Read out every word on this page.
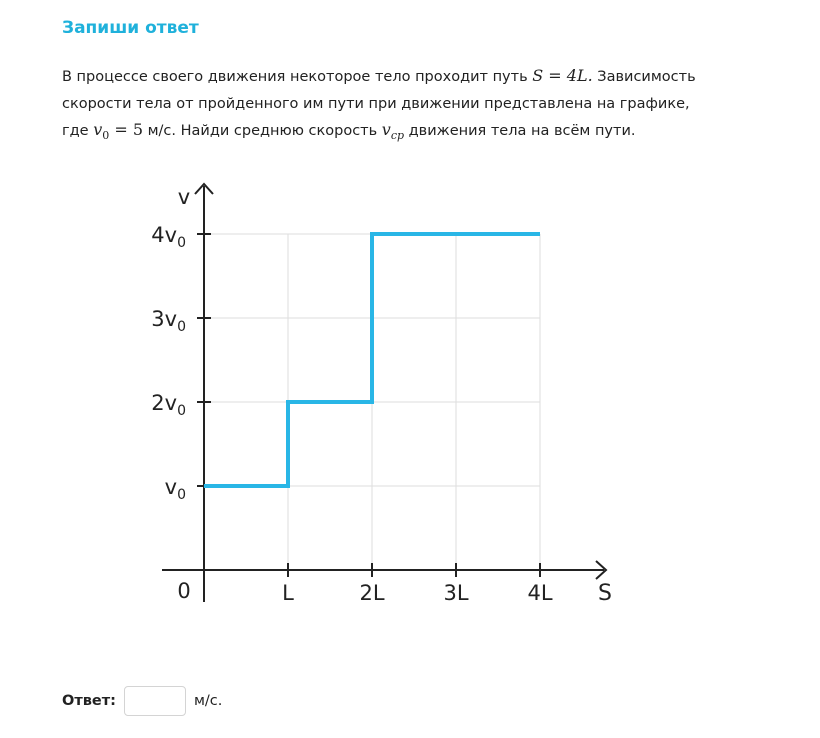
Запиши ответ
В процессе своего движения некоторое тело проходит путь S = 4L. Зависимость
скорости тела от пройденного им пути при движении представлена на графике,
где $v_0 = 5$ м/с. Найди среднюю скорость $v_{cp}$ движения тела на всём пути.
L	2L	3L	4L
$v_0$
$2v_0$
$3v_0$
$4v_0$
0	S
v
Ответ:	м/с.
